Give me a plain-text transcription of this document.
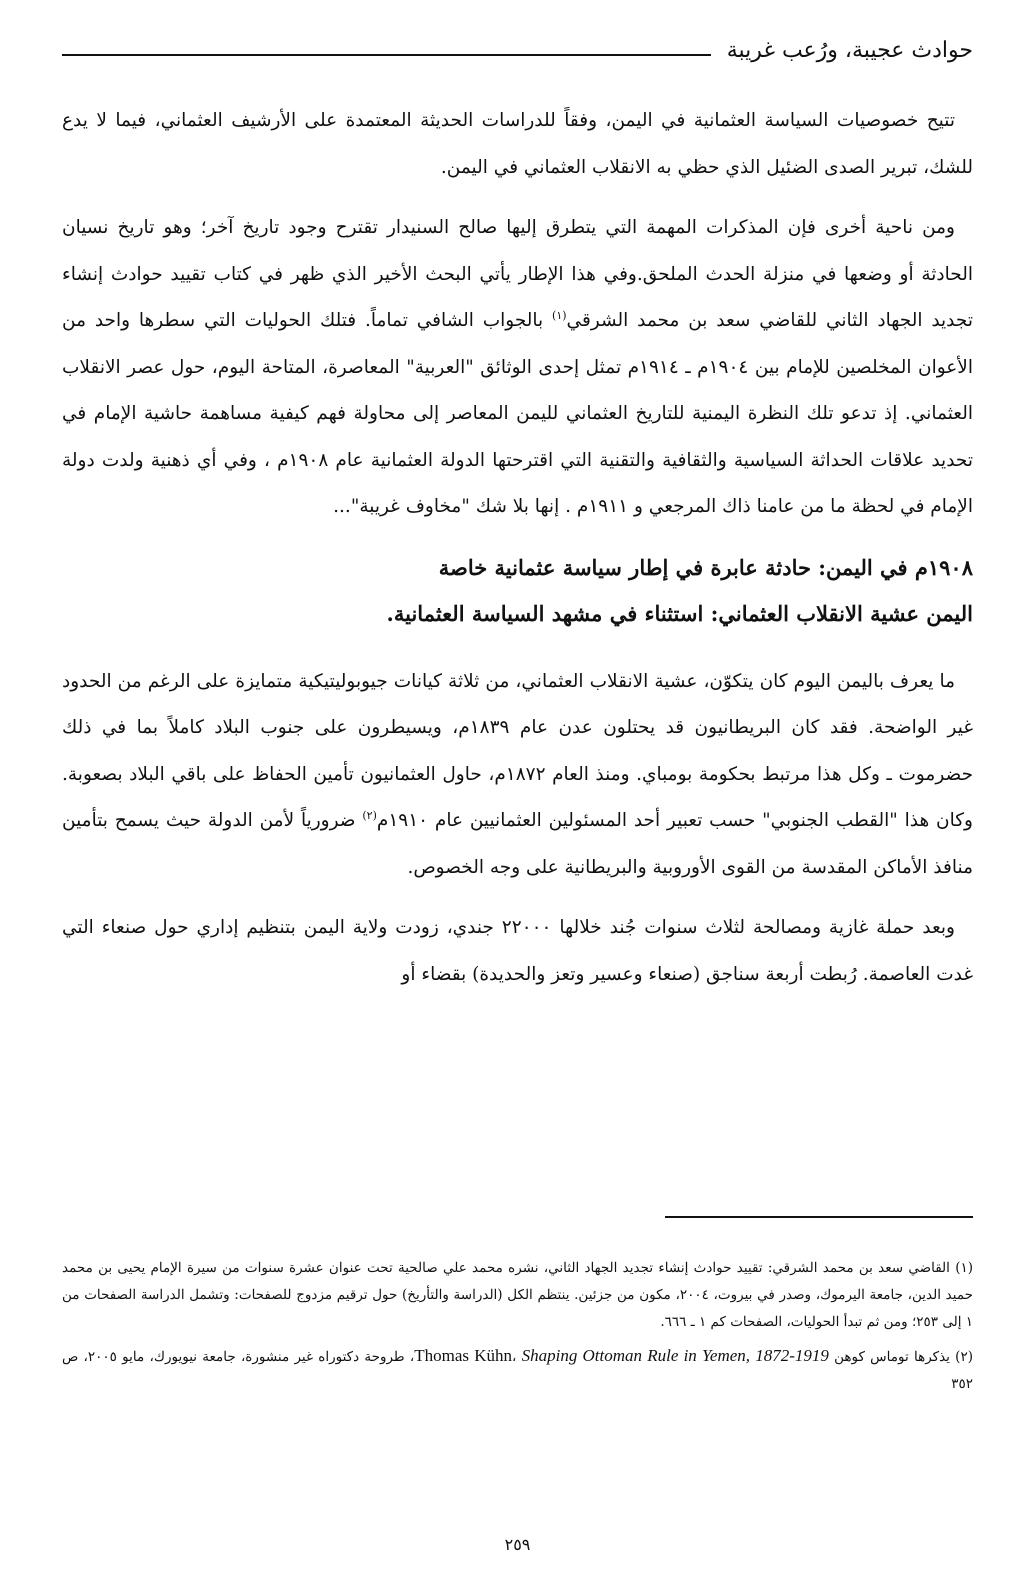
حوادث عجيبة، ورُعب غريبة

تتيح خصوصيات السياسة العثمانية في اليمن، وفقاً للدراسات الحديثة المعتمدة على الأرشيف العثماني، فيما لا يدع للشك، تبرير الصدى الضئيل الذي حظي به الانقلاب العثماني في اليمن.

ومن ناحية أخرى فإن المذكرات المهمة التي يتطرق إليها صالح السنيدار تقترح وجود تاريخ آخر؛ وهو تاريخ نسيان الحادثة أو وضعها في منزلة الحدث الملحق.وفي هذا الإطار يأتي البحث الأخير الذي ظهر في كتاب تقييد حوادث إنشاء تجديد الجهاد الثاني للقاضي سعد بن محمد الشرقي$^{(١)}$ بالجواب الشافي تماماً. فتلك الحوليات التي سطرها واحد من الأعوان المخلصين للإمام بين ١٩٠٤م ـ ١٩١٤م تمثل إحدى الوثائق "العربية" المعاصرة، المتاحة اليوم، حول عصر الانقلاب العثماني. إذ تدعو تلك النظرة اليمنية للتاريخ العثماني لليمن المعاصر إلى محاولة فهم كيفية مساهمة حاشية الإمام في تحديد علاقات الحداثة السياسية والثقافية والتقنية التي اقترحتها الدولة العثمانية عام ١٩٠٨م ، وفي أي ذهنية ولدت دولة الإمام في لحظة ما من عامنا ذاك المرجعي و ١٩١١م . إنها بلا شك "مخاوف غريبة"...

١٩٠٨م في اليمن: حادثة عابرة في إطار سياسة عثمانية خاصة
اليمن عشية الانقلاب العثماني: استثناء في مشهد السياسة العثمانية.

ما يعرف باليمن اليوم كان يتكوّن، عشية الانقلاب العثماني، من ثلاثة كيانات جيوبوليتيكية متمايزة على الرغم من الحدود غير الواضحة. فقد كان البريطانيون قد يحتلون عدن عام ١٨٣٩م، ويسيطرون على جنوب البلاد كاملاً بما في ذلك حضرموت ـ وكل هذا مرتبط بحكومة بومباي. ومنذ العام ١٨٧٢م، حاول العثمانيون تأمين الحفاظ على باقي البلاد بصعوبة. وكان هذا "القطب الجنوبي" حسب تعبير أحد المسئولين العثمانيين عام ١٩١٠م$^{(٢)}$ ضرورياً لأمن الدولة حيث يسمح بتأمين منافذ الأماكن المقدسة من القوى الأوروبية والبريطانية على وجه الخصوص.

وبعد حملة غازية ومصالحة لثلاث سنوات جُند خلالها ٢٢٠٠٠ جندي، زودت ولاية اليمن بتنظيم إداري حول صنعاء التي غدت العاصمة. رُبطت أربعة سناجق (صنعاء وعسير وتعز والحديدة) بقضاء أو

(١) القاضي سعد بن محمد الشرقي: تقييد حوادث إنشاء تجديد الجهاد الثاني، نشره محمد علي صالحية تحت عنوان عشرة سنوات من سيرة الإمام يحيى بن محمد حميد الدين، جامعة اليرموك، وصدر في بيروت، ٢٠٠٤، مكون من جزئين. ينتظم الكل (الدراسة والتأريخ) حول ترقيم مزدوج للصفحات: وتشمل الدراسة الصفحات من ١ إلى ٢٥٣؛ ومن ثم تبدأ الحوليات، الصفحات كم ١ ـ ٦٦٦.

(٢) يذكرها توماس كوهن Thomas Kühn، Shaping Ottoman Rule in Yemen, 1872-1919، طروحة دكتوراه غير منشورة، جامعة نيويورك، مايو ٢٠٠٥، ص ٣٥٢

٢٥٩
